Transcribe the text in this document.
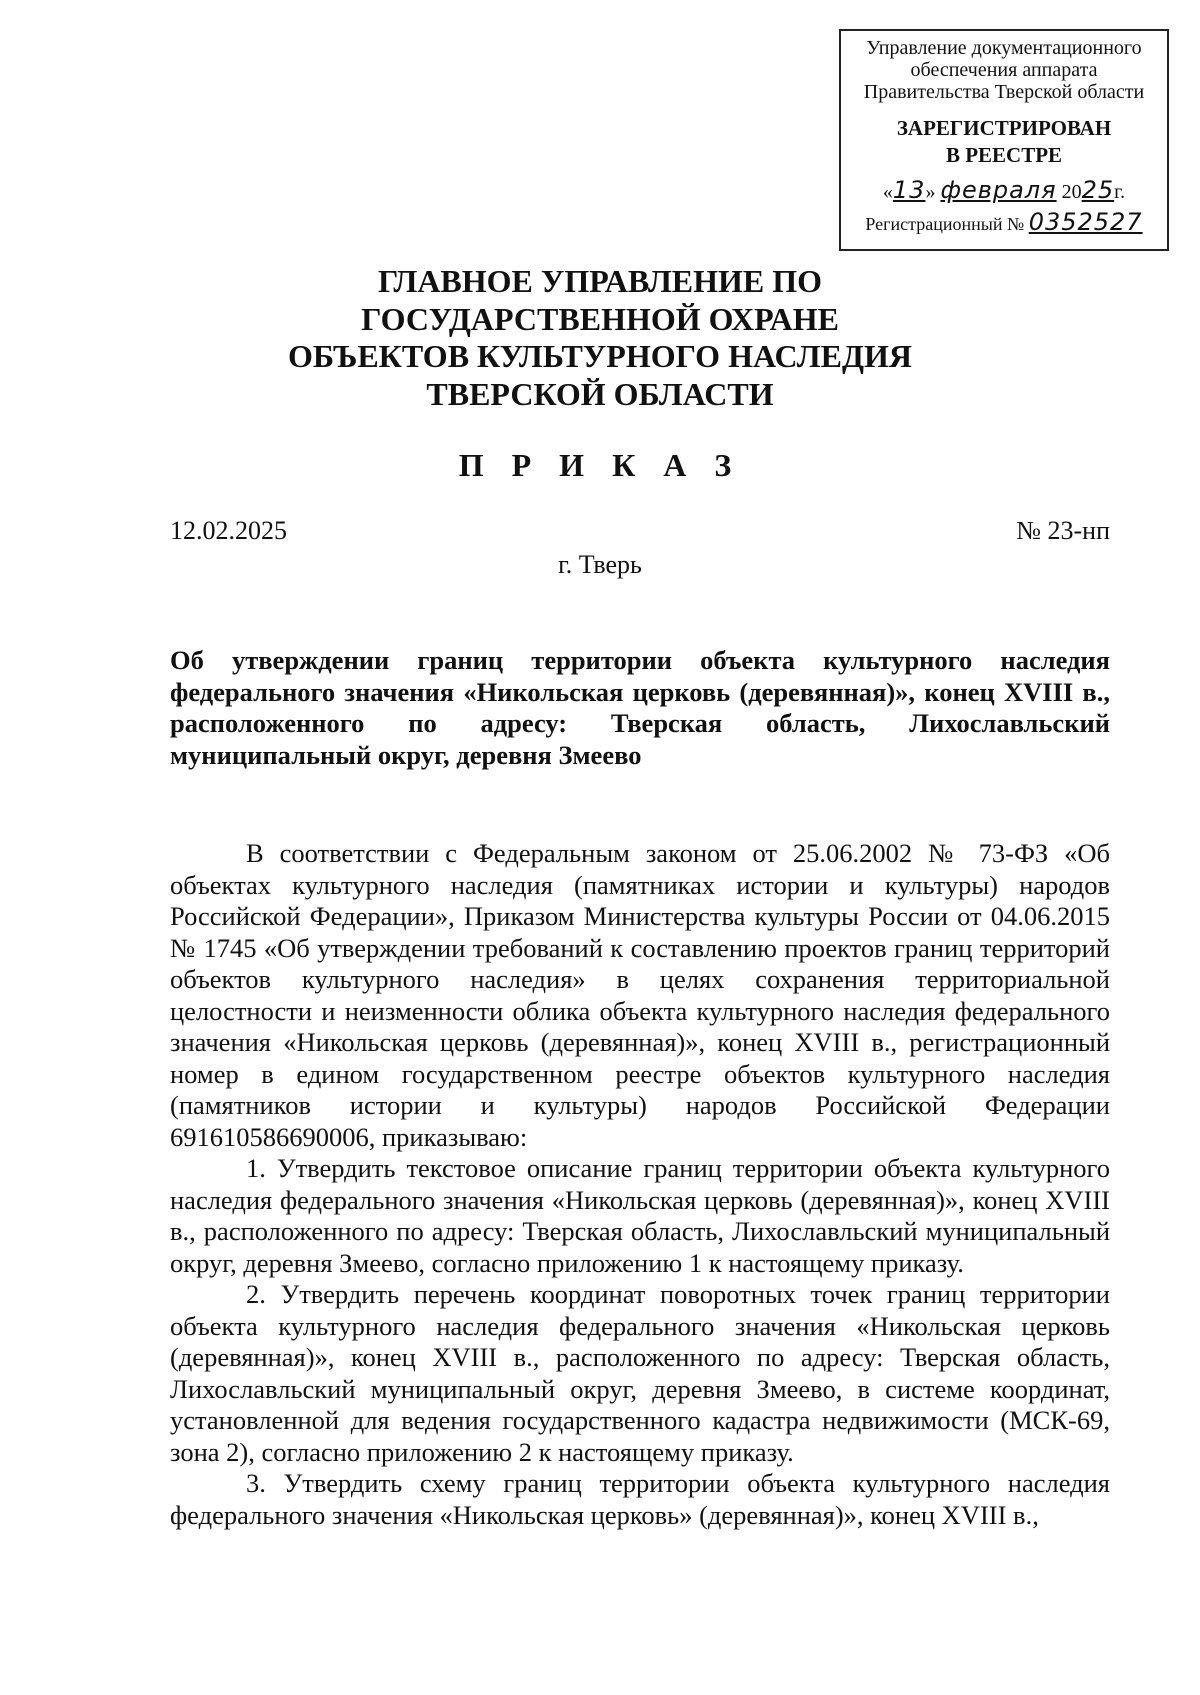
Управление документационного
обеспечения аппарата
Правительства Тверской области
ЗАРЕГИСТРИРОВАН
В РЕЕСТРЕ
«13» февраля 2025г.
Регистрационный № 0352527
ГЛАВНОЕ УПРАВЛЕНИЕ ПО
ГОСУДАРСТВЕННОЙ ОХРАНЕ
ОБЪЕКТОВ КУЛЬТУРНОГО НАСЛЕДИЯ
ТВЕРСКОЙ ОБЛАСТИ
П Р И К А З
12.02.2025	№ 23-нп
г. Тверь
Об утверждении границ территории объекта культурного наследия федерального значения «Никольская церковь (деревянная)», конец XVIII в., расположенного по адресу: Тверская область, Лихославльский муниципальный округ, деревня Змеево

В соответствии с Федеральным законом от 25.06.2002 № 73-ФЗ «Об объектах культурного наследия (памятниках истории и культуры) народов Российской Федерации», Приказом Министерства культуры России от 04.06.2015 № 1745 «Об утверждении требований к составлению проектов границ территорий объектов культурного наследия» в целях сохранения территориальной целостности и неизменности облика объекта культурного наследия федерального значения «Никольская церковь (деревянная)», конец XVIII в., регистрационный номер в едином государственном реестре объектов культурного наследия (памятников истории и культуры) народов Российской Федерации 691610586690006, приказываю:

1. Утвердить текстовое описание границ территории объекта культурного наследия федерального значения «Никольская церковь (деревянная)», конец XVIII в., расположенного по адресу: Тверская область, Лихославльский муниципальный округ, деревня Змеево, согласно приложению 1 к настоящему приказу.

2. Утвердить перечень координат поворотных точек границ территории объекта культурного наследия федерального значения «Никольская церковь (деревянная)», конец XVIII в., расположенного по адресу: Тверская область, Лихославльский муниципальный округ, деревня Змеево, в системе координат, установленной для ведения государственного кадастра недвижимости (МСК-69, зона 2), согласно приложению 2 к настоящему приказу.

3. Утвердить схему границ территории объекта культурного наследия федерального значения «Никольская церковь» (деревянная)», конец XVIII в.,
